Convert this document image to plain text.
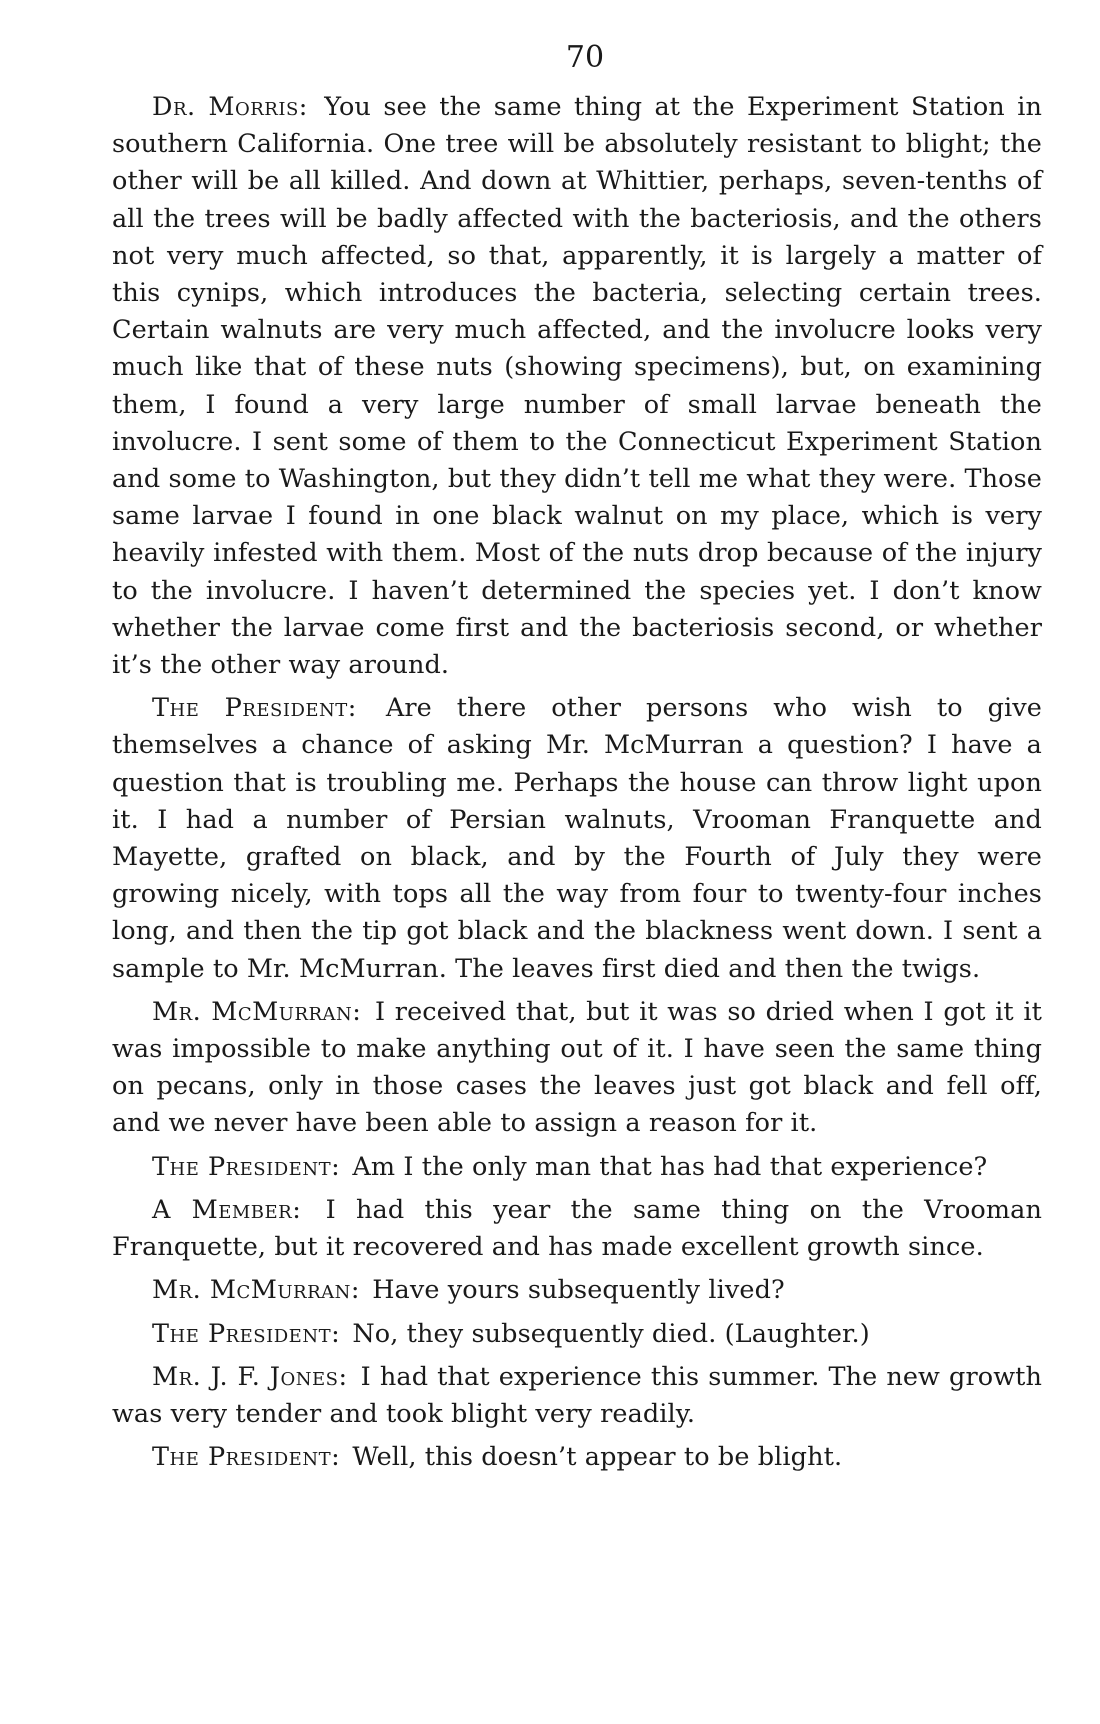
70

Dr. Morris: You see the same thing at the Experiment Station in southern California. One tree will be absolutely resistant to blight; the other will be all killed. And down at Whittier, perhaps, seven-tenths of all the trees will be badly affected with the bacteriosis, and the others not very much affected, so that, apparently, it is largely a matter of this cynips, which introduces the bacteria, selecting certain trees. Certain walnuts are very much affected, and the involucre looks very much like that of these nuts (showing specimens), but, on examining them, I found a very large number of small larvae beneath the involucre. I sent some of them to the Connecticut Experiment Station and some to Washington, but they didn’t tell me what they were. Those same larvae I found in one black walnut on my place, which is very heavily infested with them. Most of the nuts drop because of the injury to the involucre. I haven’t determined the species yet. I don’t know whether the larvae come first and the bacteriosis second, or whether it’s the other way around.

The President: Are there other persons who wish to give themselves a chance of asking Mr. McMurran a question? I have a question that is troubling me. Perhaps the house can throw light upon it. I had a number of Persian walnuts, Vrooman Franquette and Mayette, grafted on black, and by the Fourth of July they were growing nicely, with tops all the way from four to twenty-four inches long, and then the tip got black and the blackness went down. I sent a sample to Mr. McMurran. The leaves first died and then the twigs.

Mr. McMurran: I received that, but it was so dried when I got it it was impossible to make anything out of it. I have seen the same thing on pecans, only in those cases the leaves just got black and fell off, and we never have been able to assign a reason for it.

The President: Am I the only man that has had that experience?

A Member: I had this year the same thing on the Vrooman Franquette, but it recovered and has made excellent growth since.

Mr. McMurran: Have yours subsequently lived?

The President: No, they subsequently died. (Laughter.)

Mr. J. F. Jones: I had that experience this summer. The new growth was very tender and took blight very readily.

The President: Well, this doesn’t appear to be blight.
